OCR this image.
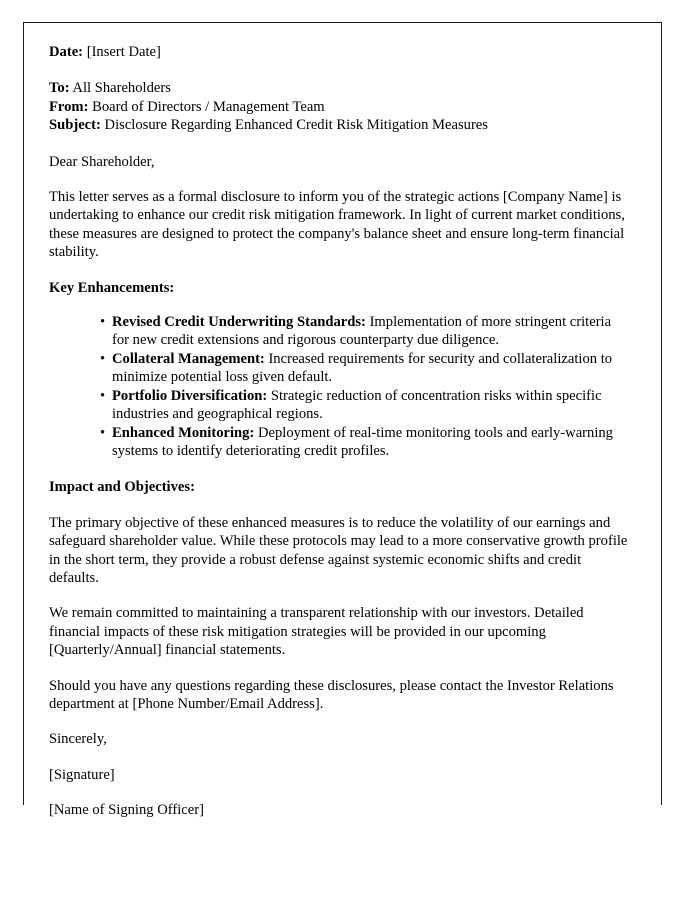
Date: [Insert Date]
To: All Shareholders
From: Board of Directors / Management Team
Subject: Disclosure Regarding Enhanced Credit Risk Mitigation Measures
Dear Shareholder,

This letter serves as a formal disclosure to inform you of the strategic actions [Company Name] is undertaking to enhance our credit risk mitigation framework. In light of current market conditions, these measures are designed to protect the company's balance sheet and ensure long-term financial stability.

Key Enhancements:
• Revised Credit Underwriting Standards: Implementation of more stringent criteria for new credit extensions and rigorous counterparty due diligence.
• Collateral Management: Increased requirements for security and collateralization to minimize potential loss given default.
• Portfolio Diversification: Strategic reduction of concentration risks within specific industries and geographical regions.
• Enhanced Monitoring: Deployment of real-time monitoring tools and early-warning systems to identify deteriorating credit profiles.
Impact and Objectives:

The primary objective of these enhanced measures is to reduce the volatility of our earnings and safeguard shareholder value. While these protocols may lead to a more conservative growth profile in the short term, they provide a robust defense against systemic economic shifts and credit defaults.

We remain committed to maintaining a transparent relationship with our investors. Detailed financial impacts of these risk mitigation strategies will be provided in our upcoming [Quarterly/Annual] financial statements.

Should you have any questions regarding these disclosures, please contact the Investor Relations department at [Phone Number/Email Address].

Sincerely,
[Signature]
[Name of Signing Officer]
